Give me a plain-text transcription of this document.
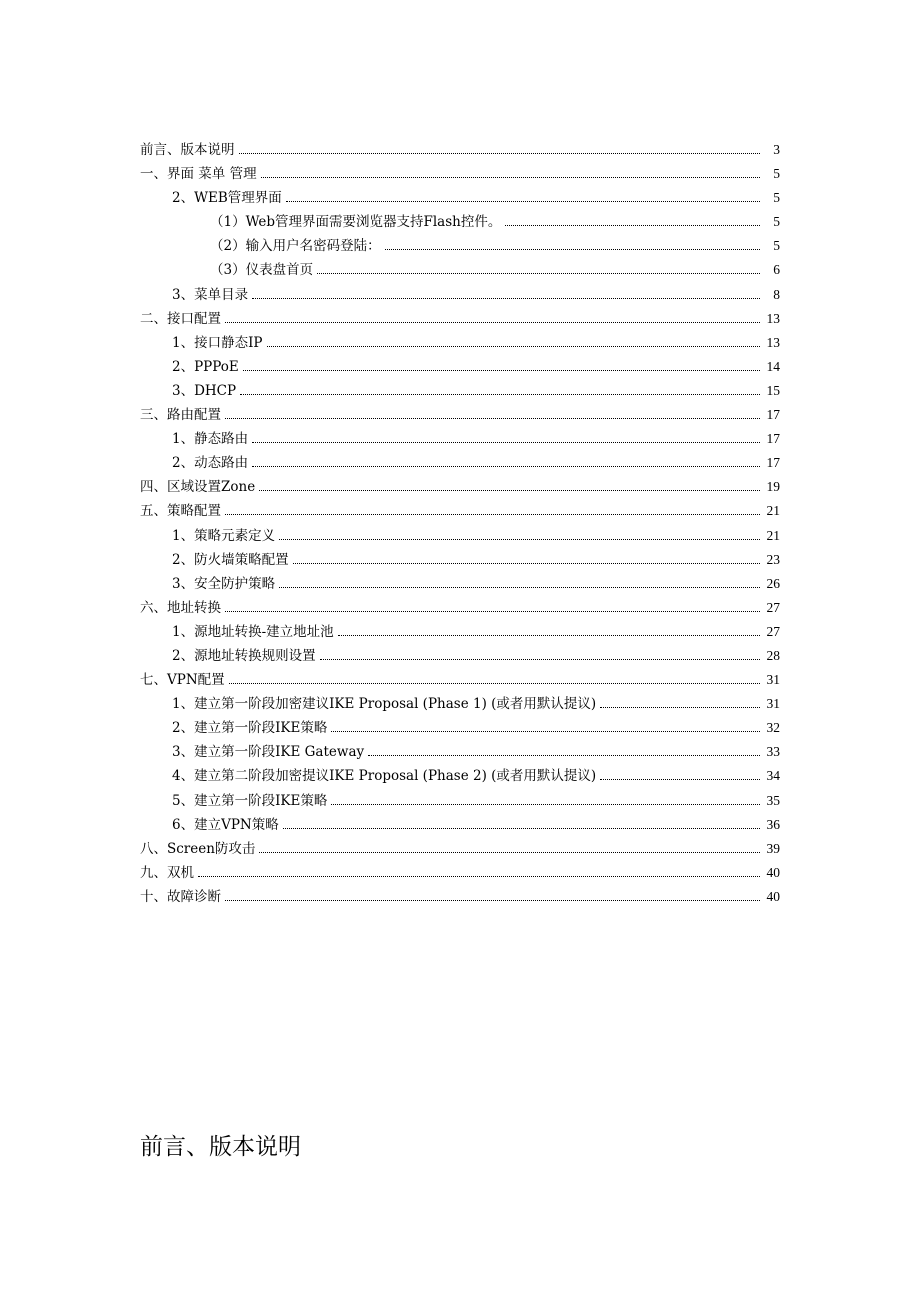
前言、版本说明	3
一、界面 菜单 管理	5
2、WEB管理界面	5
（1）Web管理界面需要浏览器支持Flash控件。	5
（2）输入用户名密码登陆：	5
（3）仪表盘首页	6
3、菜单目录	8
二、接口配置	13
1、接口静态IP	13
2、PPPoE	14
3、DHCP	15
三、路由配置	17
1、静态路由	17
2、动态路由	17
四、区域设置Zone	19
五、策略配置	21
1、策略元素定义	21
2、防火墙策略配置	23
3、安全防护策略	26
六、地址转换	27
1、源地址转换-建立地址池	27
2、源地址转换规则设置	28
七、VPN配置	31
1、建立第一阶段加密建议IKE Proposal (Phase 1) (或者用默认提议)	31
2、建立第一阶段IKE策略	32
3、建立第一阶段IKE Gateway	33
4、建立第二阶段加密提议IKE Proposal (Phase 2) (或者用默认提议)	34
5、建立第一阶段IKE策略	35
6、建立VPN策略	36
八、Screen防攻击	39
九、双机	40
十、故障诊断	40
前言、版本说明
